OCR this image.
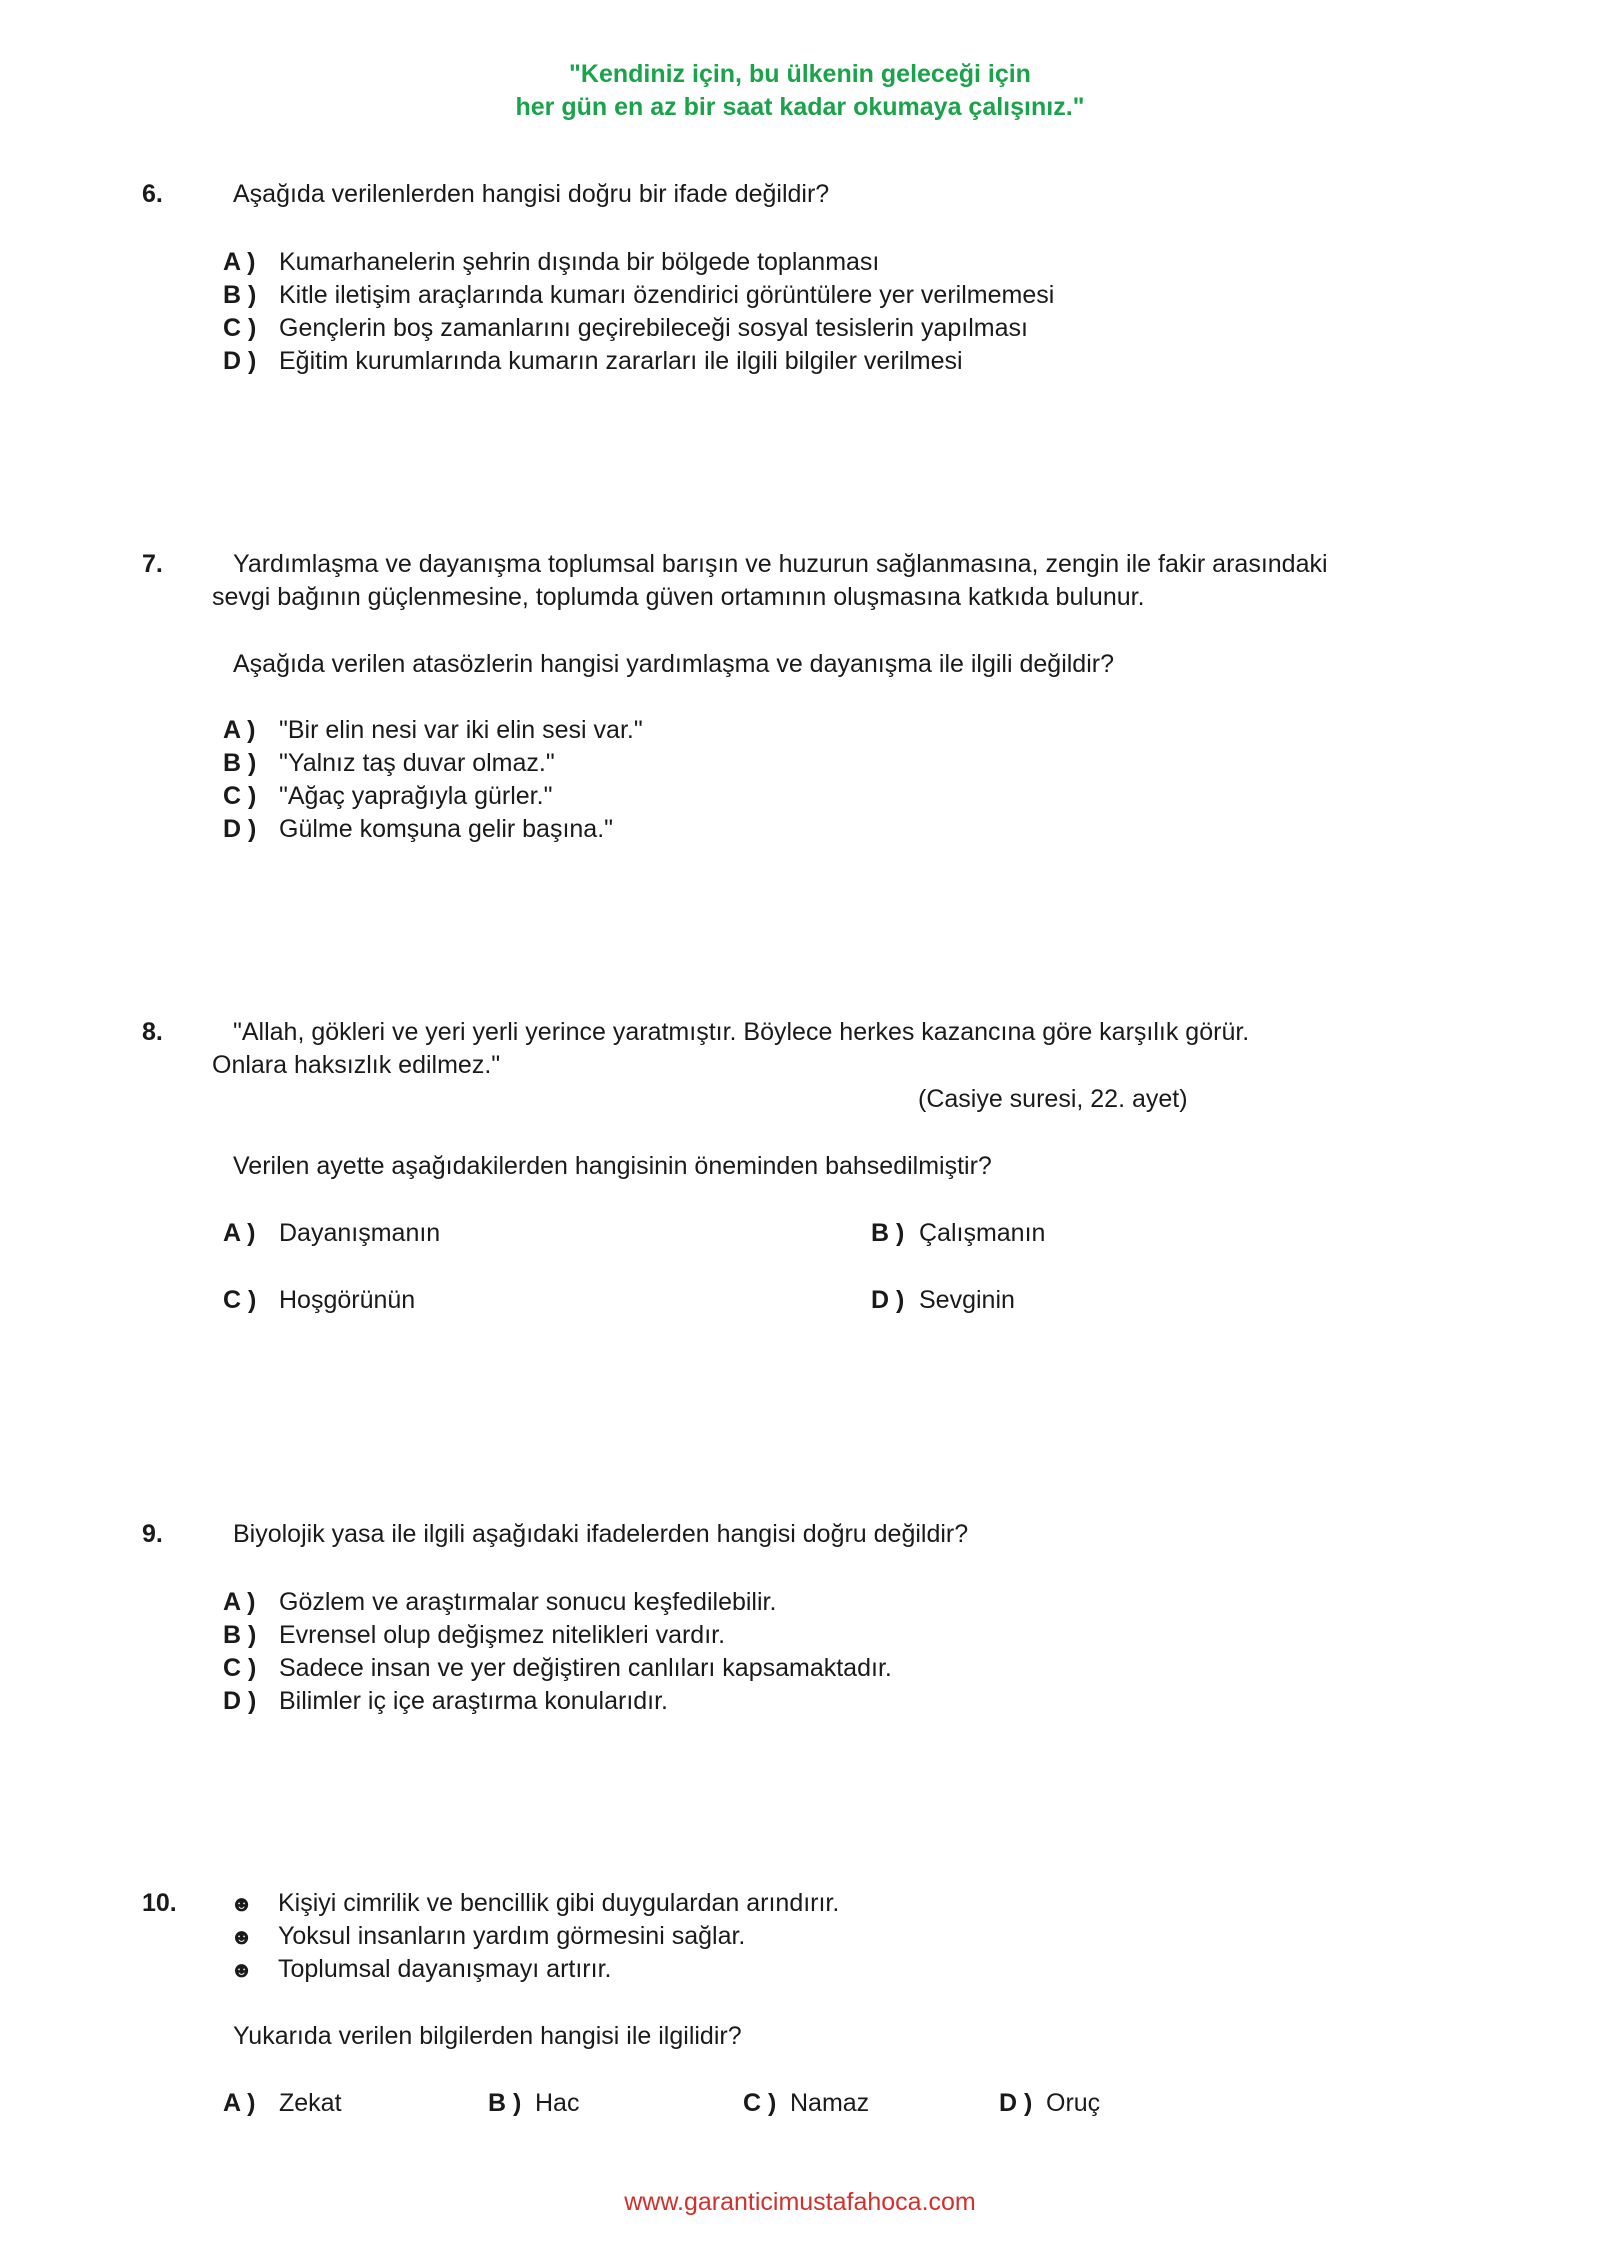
"Kendiniz için, bu ülkenin geleceği için
her gün en az bir saat kadar okumaya çalışınız."
6.	Aşağıda verilenlerden hangisi doğru bir ifade değildir?
A ) Kumarhanelerin şehrin dışında bir bölgede toplanması
B ) Kitle iletişim araçlarında kumarı özendirici görüntülere yer verilmemesi
C ) Gençlerin boş zamanlarını geçirebileceği sosyal tesislerin yapılması
D ) Eğitim kurumlarında kumarın zararları ile ilgili bilgiler verilmesi
7.	Yardımlaşma ve dayanışma toplumsal barışın ve huzurun sağlanmasına, zengin ile fakir arasındaki
sevgi bağının güçlenmesine, toplumda güven ortamının oluşmasına katkıda bulunur.
Aşağıda verilen atasözlerin hangisi yardımlaşma ve dayanışma ile ilgili değildir?
A ) "Bir elin nesi var iki elin sesi var."
B ) "Yalnız taş duvar olmaz."
C ) "Ağaç yaprağıyla gürler."
D ) Gülme komşuna gelir başına."
8.	"Allah, gökleri ve yeri yerli yerince yaratmıştır. Böylece herkes kazancına göre karşılık görür.
Onlara haksızlık edilmez."
(Casiye suresi, 22. ayet)
Verilen ayette aşağıdakilerden hangisinin öneminden bahsedilmiştir?
A ) Dayanışmanın	B ) Çalışmanın
C ) Hoşgörünün	D ) Sevginin
9.	Biyolojik yasa ile ilgili aşağıdaki ifadelerden hangisi doğru değildir?
A ) Gözlem ve araştırmalar sonucu keşfedilebilir.
B ) Evrensel olup değişmez nitelikleri vardır.
C ) Sadece insan ve yer değiştiren canlıları kapsamaktadır.
D ) Bilimler iç içe araştırma konularıdır.
10. ☻ Kişiyi cimrilik ve bencillik gibi duygulardan arındırır.
☻ Yoksul insanların yardım görmesini sağlar.
☻ Toplumsal dayanışmayı artırır.
Yukarıda verilen bilgilerden hangisi ile ilgilidir?
A ) Zekat	B ) Hac	C ) Namaz	D ) Oruç
www.garanticimustafahoca.com
